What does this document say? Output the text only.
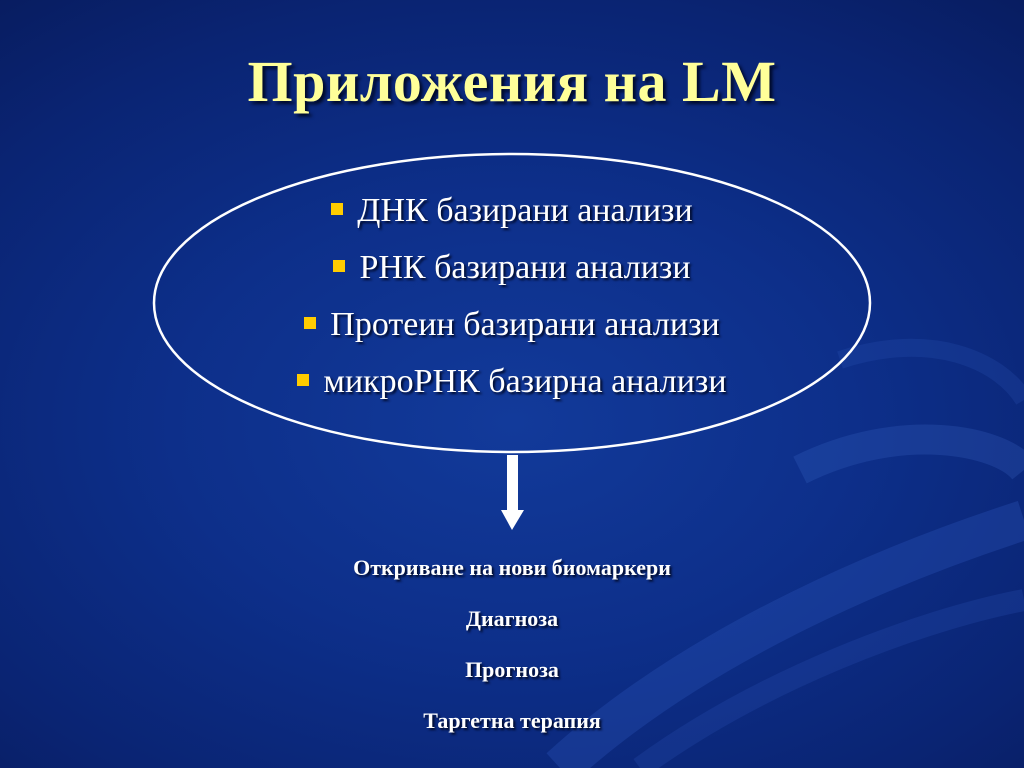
Приложения на LM
ДНК базирани анализи
РНК базирани анализи
Протеин базирани анализи
микроРНК базирна анализи
Откриване на нови биомаркери
Диагноза
Прогноза
Таргетна терапия
